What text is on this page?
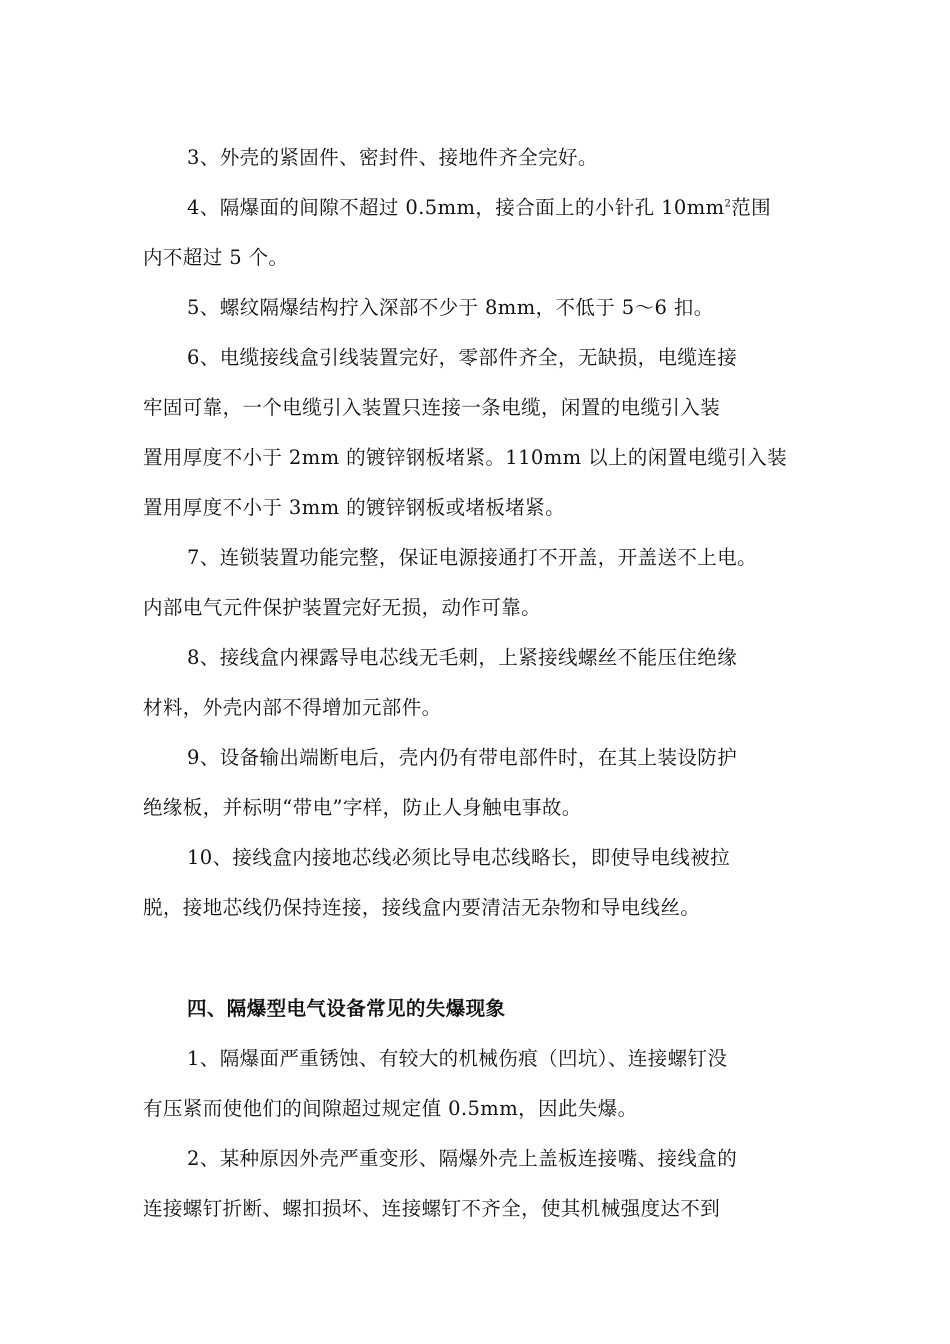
3、外壳的紧固件、密封件、接地件齐全完好。

4、隔爆面的间隙不超过 0.5mm，接合面上的小针孔 $10mm^2$范围
内不超过 5 个。

5、螺纹隔爆结构拧入深部不少于 8mm，不低于 5～6 扣。

6、电缆接线盒引线装置完好，零部件齐全，无缺损，电缆连接
牢固可靠，一个电缆引入装置只连接一条电缆，闲置的电缆引入装
置用厚度不小于 2mm 的镀锌钢板堵紧。110mm 以上的闲置电缆引入装
置用厚度不小于 3mm 的镀锌钢板或堵板堵紧。

7、连锁装置功能完整，保证电源接通打不开盖，开盖送不上电。
内部电气元件保护装置完好无损，动作可靠。

8、接线盒内裸露导电芯线无毛刺，上紧接线螺丝不能压住绝缘
材料，外壳内部不得增加元部件。

9、设备输出端断电后，壳内仍有带电部件时，在其上装设防护
绝缘板，并标明“带电”字样，防止人身触电事故。

10、接线盒内接地芯线必须比导电芯线略长，即使导电线被拉
脱，接地芯线仍保持连接，接线盒内要清洁无杂物和导电线丝。

四、隔爆型电气设备常见的失爆现象

1、隔爆面严重锈蚀、有较大的机械伤痕（凹坑）、连接螺钉没
有压紧而使他们的间隙超过规定值 0.5mm，因此失爆。

2、某种原因外壳严重变形、隔爆外壳上盖板连接嘴、接线盒的
连接螺钉折断、螺扣损坏、连接螺钉不齐全，使其机械强度达不到
